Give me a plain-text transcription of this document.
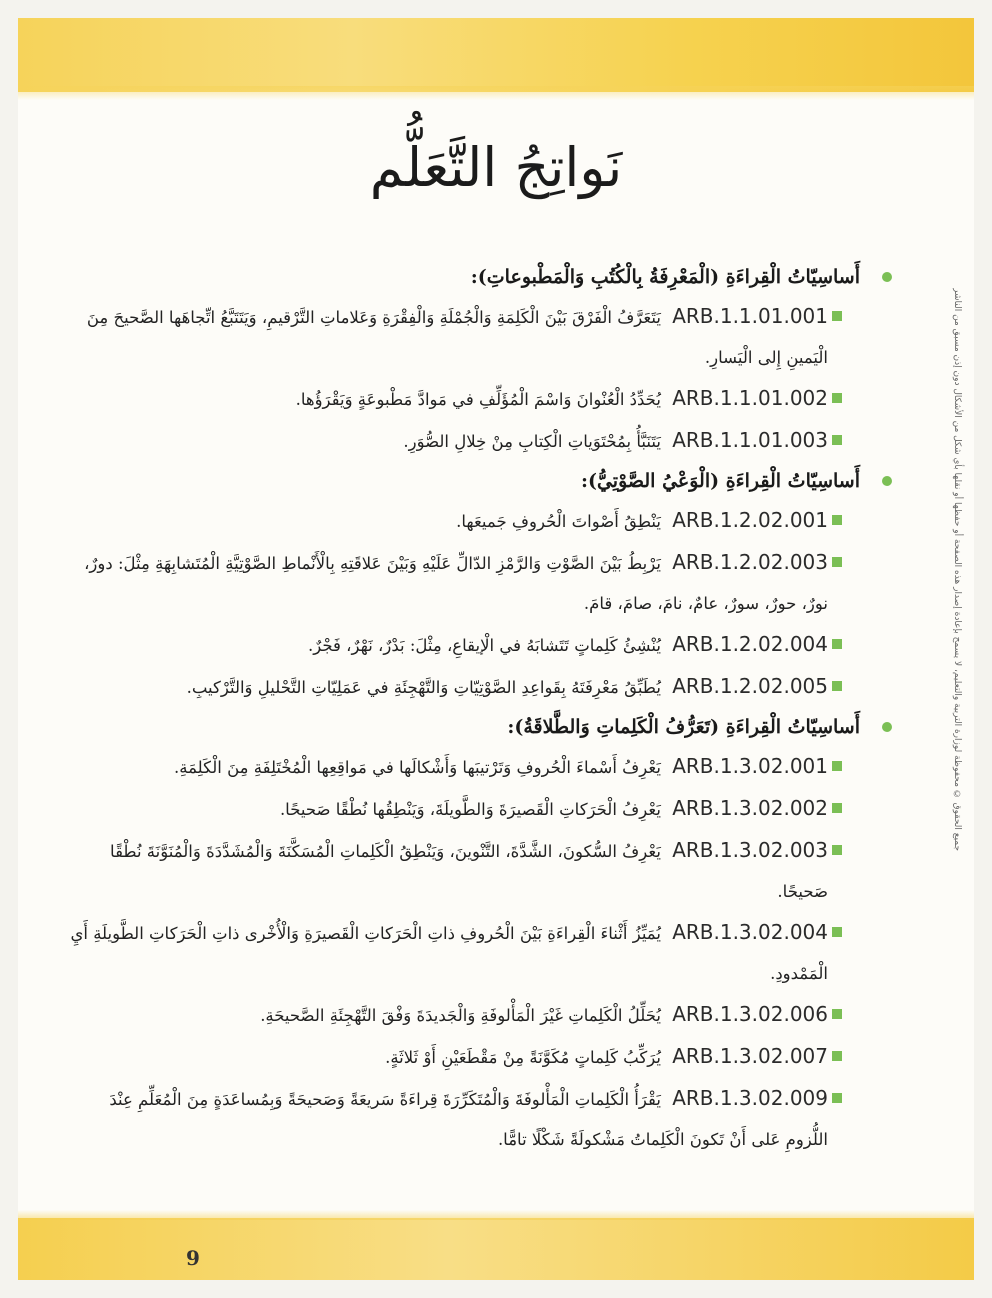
جميع الحقوق © محفوظة لوزارة التربية والتعليم، لا يسمح بإعادة إصدار هذه الصفحة أو حفظها أو نقلها بأي شكل من الأشكال دون إذن مسبق من الناشر
نَواتِجُ التَّعَلُّم
أَساسِيّاتُ الْقِراءَةِ (الْمَعْرِفَةُ بِالْكُتُبِ وَالْمَطْبوعاتِ):
ARB.1.1.01.001 يَتَعَرَّفُ الْفَرْقَ بَيْنَ الْكَلِمَةِ وَالْجُمْلَةِ وَالْفِقْرَةِ وَعَلاماتِ التَّرْقيمِ، وَيَتَتَبَّعُ اتِّجاهَها الصَّحيحَ مِنَ الْيَمينِ إِلى الْيَسارِ.
ARB.1.1.01.002 يُحَدِّدُ الْعُنْوانَ وَاسْمَ الْمُؤَلِّفِ في مَوادَّ مَطْبوعَةٍ وَيَقْرَؤُها.
ARB.1.1.01.003 يَتَنَبَّأُ بِمُحْتَوَياتِ الْكِتابِ مِنْ خِلالِ الصُّوَرِ.
أَساسِيّاتُ الْقِراءَةِ (الْوَعْيُ الصَّوْتِيُّ):
ARB.1.2.02.001 يَنْطِقُ أَصْواتَ الْحُروفِ جَميعَها.
ARB.1.2.02.003 يَرْبِطُ بَيْنَ الصَّوْتِ وَالرَّمْزِ الدّالِّ عَلَيْهِ وَبَيْنَ عَلاقَتِهِ بِالْأَنْماطِ الصَّوْتِيَّةِ الْمُتَشابِهَةِ مِثْلَ: دورٌ، نورٌ، حورٌ، سورٌ، عامٌ، نامَ، صامَ، قامَ.
ARB.1.2.02.004 يُنْشِئُ كَلِماتٍ تَتَشابَهُ في الْإيقاعِ، مِثْلَ: بَدْرٌ، نَهْرٌ، فَجْرٌ.
ARB.1.2.02.005 يُطَبِّقُ مَعْرِفَتَهُ بِقَواعِدِ الصَّوْتِيّاتِ وَالتَّهْجِئَةِ في عَمَلِيّاتِ التَّحْليلِ وَالتَّرْكيبِ.
أَساسِيّاتُ الْقِراءَةِ (تَعَرُّفُ الْكَلِماتِ وَالطَّلاقَةُ):
ARB.1.3.02.001 يَعْرِفُ أَسْماءَ الْحُروفِ وَتَرْتيبَها وَأَشْكالَها في مَواقِعِها الْمُخْتَلِفَةِ مِنَ الْكَلِمَةِ.
ARB.1.3.02.002 يَعْرِفُ الْحَرَكاتِ الْقَصيرَةَ وَالطَّويلَةَ، وَيَنْطِقُها نُطْقًا صَحيحًا.
ARB.1.3.02.003 يَعْرِفُ السُّكونَ، الشَّدَّةَ، التَّنْوينَ، وَيَنْطِقُ الْكَلِماتِ الْمُسَكَّنَةَ وَالْمُشَدَّدَةَ وَالْمُنَوَّنَةَ نُطْقًا صَحيحًا.
ARB.1.3.02.004 يُمَيِّزُ أَثْناءَ الْقِراءَةِ بَيْنَ الْحُروفِ ذاتِ الْحَرَكاتِ الْقَصيرَةِ وَالْأُخْرى ذاتِ الْحَرَكاتِ الطَّويلَةِ أَيِ الْمَمْدودِ.
ARB.1.3.02.006 يُحَلِّلُ الْكَلِماتِ غَيْرَ الْمَأْلوفَةِ وَالْجَديدَةَ وَفْقَ التَّهْجِئَةِ الصَّحيحَةِ.
ARB.1.3.02.007 يُرَكِّبُ كَلِماتٍ مُكَوَّنَةً مِنْ مَقْطَعَيْنِ أَوْ ثَلاثَةٍ.
ARB.1.3.02.009 يَقْرَأُ الْكَلِماتِ الْمَأْلوفَةَ وَالْمُتَكَرِّرَةَ قِراءَةً سَريعَةً وَصَحيحَةً وَبِمُساعَدَةٍ مِنَ الْمُعَلِّمِ عِنْدَ اللُّزومِ عَلى أَنْ تَكونَ الْكَلِماتُ مَشْكولَةً شَكْلًا تامًّا.
9
